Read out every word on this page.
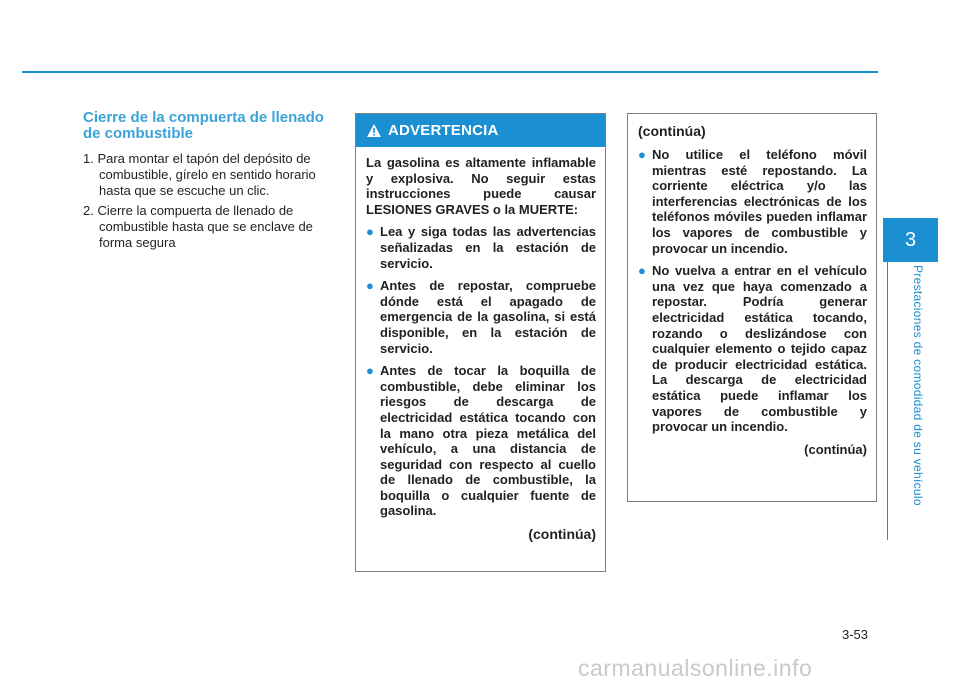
Cierre de la compuerta de llenado de combustible
1. Para montar el tapón del depósito de combustible, gírelo en sentido horario hasta que se escuche un clic.
2. Cierre la compuerta de llenado de combustible hasta que se enclave de forma segura
ADVERTENCIA

La gasolina es altamente inflamable y explosiva. No seguir estas instrucciones puede causar LESIONES GRAVES o la MUERTE:

● Lea y siga todas las advertencias señalizadas en la estación de servicio.
● Antes de repostar, compruebe dónde está el apagado de emergencia de la gasolina, si está disponible, en la estación de servicio.
● Antes de tocar la boquilla de combustible, debe eliminar los riesgos de descarga de electricidad estática tocando con la mano otra pieza metálica del vehículo, a una distancia de seguridad con respecto al cuello de llenado de combustible, la boquilla o cualquier fuente de gasolina.
(continúa)
(continúa)
● No utilice el teléfono móvil mientras esté repostando. La corriente eléctrica y/o las interferencias electrónicas de los teléfonos móviles pueden inflamar los vapores de combustible y provocar un incendio.
● No vuelva a entrar en el vehículo una vez que haya comenzado a repostar. Podría generar electricidad estática tocando, rozando o deslizándose con cualquier elemento o tejido capaz de producir electricidad estática. La descarga de electricidad estática puede inflamar los vapores de combustible y provocar un incendio.
(continúa)
3
Prestaciones de comodidad de su vehículo
3-53
carmanualsonline.info
